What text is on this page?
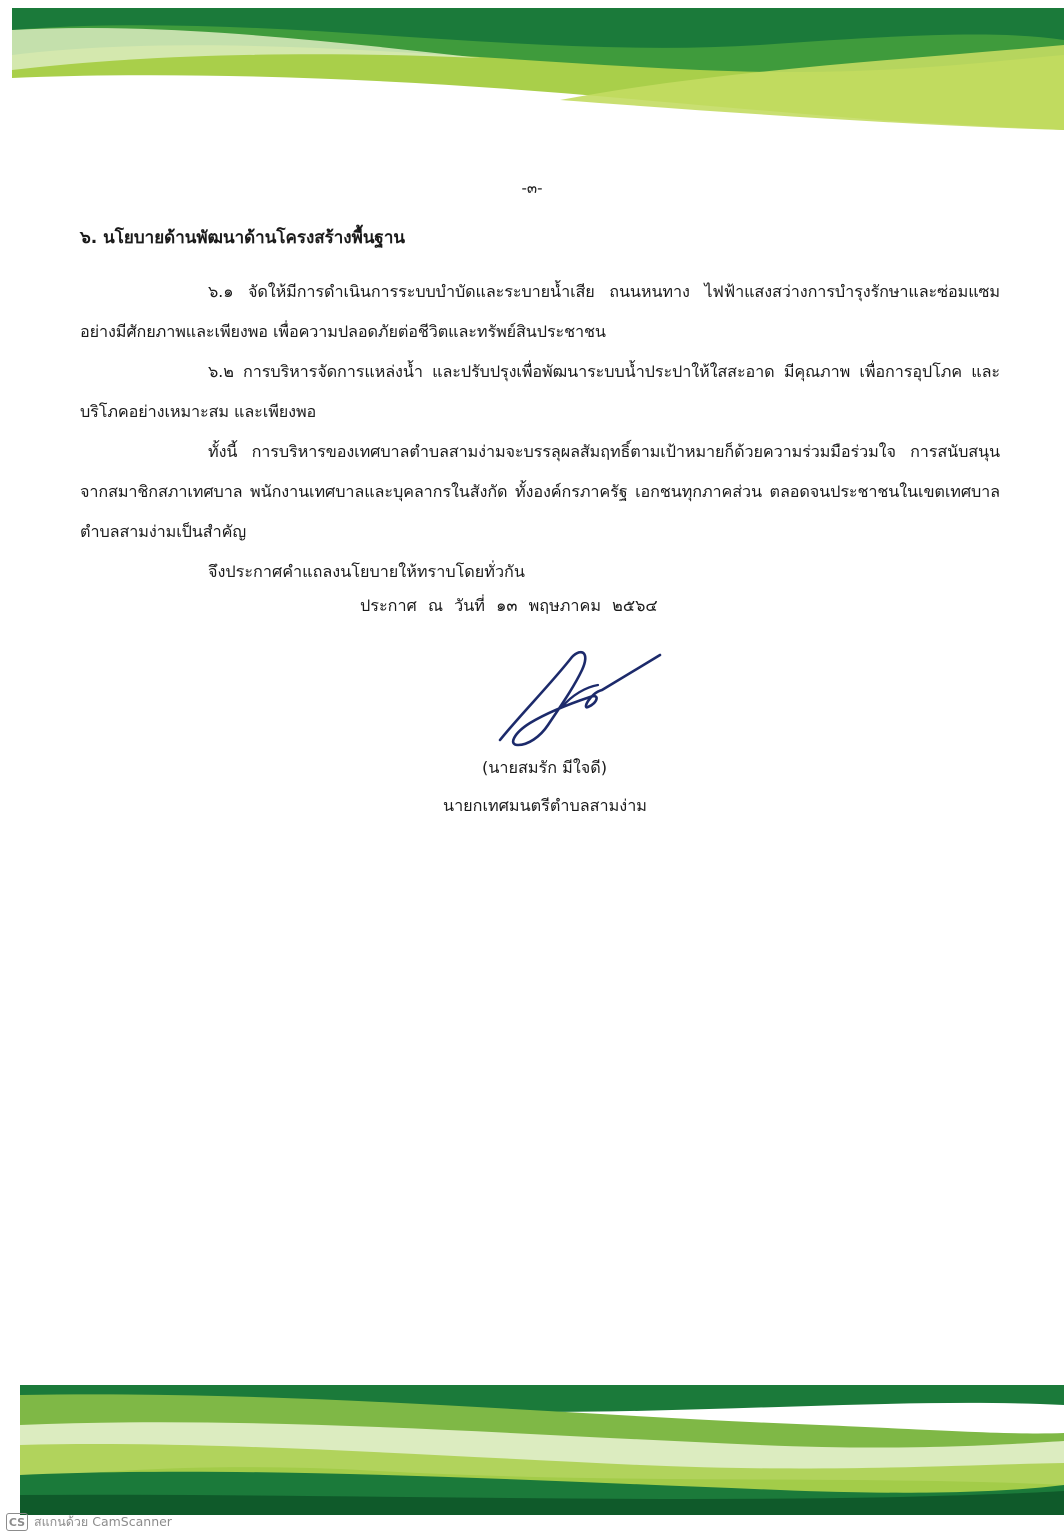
-๓-

๖. นโยบายด้านพัฒนาด้านโครงสร้างพื้นฐาน

๖.๑ จัดให้มีการดำเนินการระบบบำบัดและระบายน้ำเสีย ถนนหนทาง ไฟฟ้าแสงสว่างการบำรุงรักษาและซ่อมแซมอย่างมีศักยภาพและเพียงพอ เพื่อความปลอดภัยต่อชีวิตและทรัพย์สินประชาชน

๖.๒ การบริหารจัดการแหล่งน้ำ และปรับปรุงเพื่อพัฒนาระบบน้ำประปาให้ใสสะอาด มีคุณภาพ เพื่อการอุปโภค และบริโภคอย่างเหมาะสม และเพียงพอ

ทั้งนี้ การบริหารของเทศบาลตำบลสามง่ามจะบรรลุผลสัมฤทธิ์ตามเป้าหมายก็ด้วยความร่วมมือร่วมใจ การสนับสนุนจากสมาชิกสภาเทศบาล พนักงานเทศบาลและบุคลากรในสังกัด ทั้งองค์กรภาครัฐ เอกชนทุกภาคส่วน ตลอดจนประชาชนในเขตเทศบาลตำบลสามง่ามเป็นสำคัญ

จึงประกาศคำแถลงนโยบายให้ทราบโดยทั่วกัน

ประกาศ ณ วันที่ ๑๓ พฤษภาคม ๒๕๖๔
(นายสมรัก มีใจดี)
นายกเทศมนตรีตำบลสามง่าม
CS สแกนด้วย CamScanner
